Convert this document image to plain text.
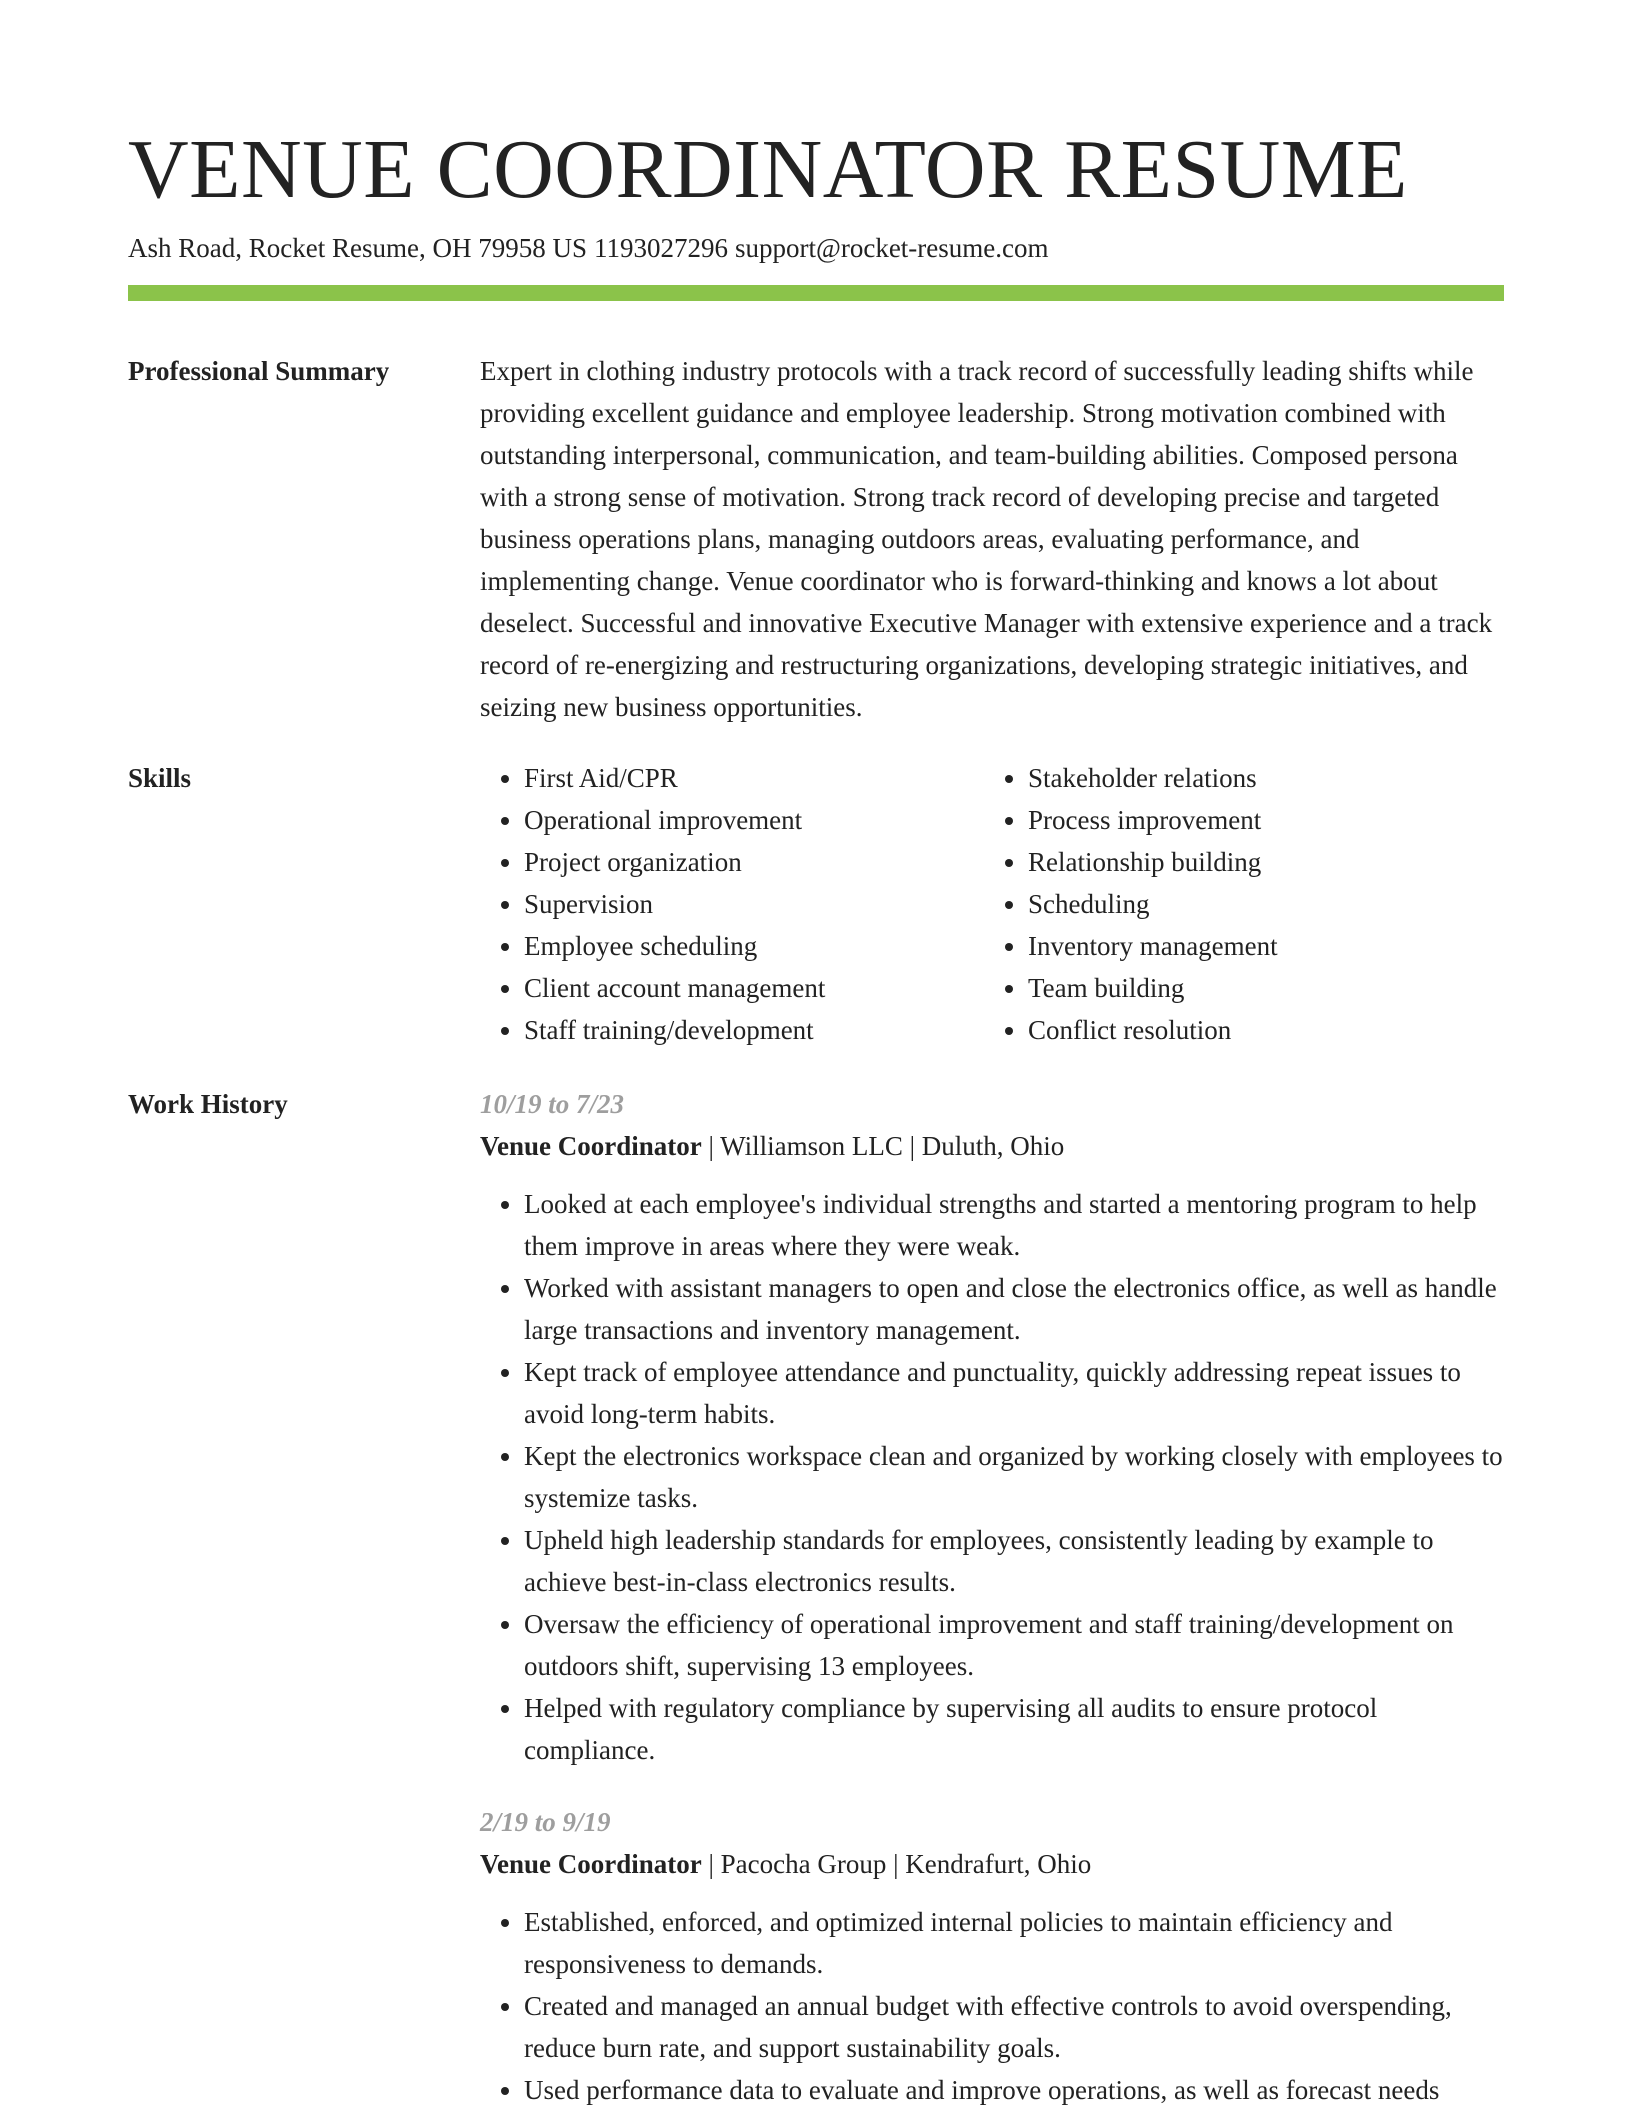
VENUE COORDINATOR RESUME
Ash Road, Rocket Resume, OH 79958 US 1193027296 support@rocket-resume.com
Professional Summary	Expert in clothing industry protocols with a track record of successfully leading shifts while providing excellent guidance and employee leadership. Strong motivation combined with outstanding interpersonal, communication, and team-building abilities. Composed persona with a strong sense of motivation. Strong track record of developing precise and targeted business operations plans, managing outdoors areas, evaluating performance, and implementing change. Venue coordinator who is forward-thinking and knows a lot about deselect. Successful and innovative Executive Manager with extensive experience and a track record of re-energizing and restructuring organizations, developing strategic initiatives, and seizing new business opportunities.

Skills
•	First Aid/CPR
• Operational improvement
• Project organization
• Supervision
• Employee scheduling
• Client account management
• Staff training/development
• Stakeholder relations
• Process improvement
• Relationship building
• Scheduling
• Inventory management
• Team building
• Conflict resolution
Work History	10/19 to 7/23
Venue Coordinator | Williamson LLC | Duluth, Ohio
• Looked at each employee's individual strengths and started a mentoring program to help them improve in areas where they were weak.
• Worked with assistant managers to open and close the electronics office, as well as handle large transactions and inventory management.
• Kept track of employee attendance and punctuality, quickly addressing repeat issues to avoid long-term habits.
• Kept the electronics workspace clean and organized by working closely with employees to systemize tasks.
• Upheld high leadership standards for employees, consistently leading by example to achieve best-in-class electronics results.
• Oversaw the efficiency of operational improvement and staff training/development on outdoors shift, supervising 13 employees.
• Helped with regulatory compliance by supervising all audits to ensure protocol compliance.
2/19 to 9/19
Venue Coordinator | Pacocha Group | Kendrafurt, Ohio
• Established, enforced, and optimized internal policies to maintain efficiency and responsiveness to demands.
• Created and managed an annual budget with effective controls to avoid overspending, reduce burn rate, and support sustainability goals.
• Used performance data to evaluate and improve operations, as well as forecast needs
